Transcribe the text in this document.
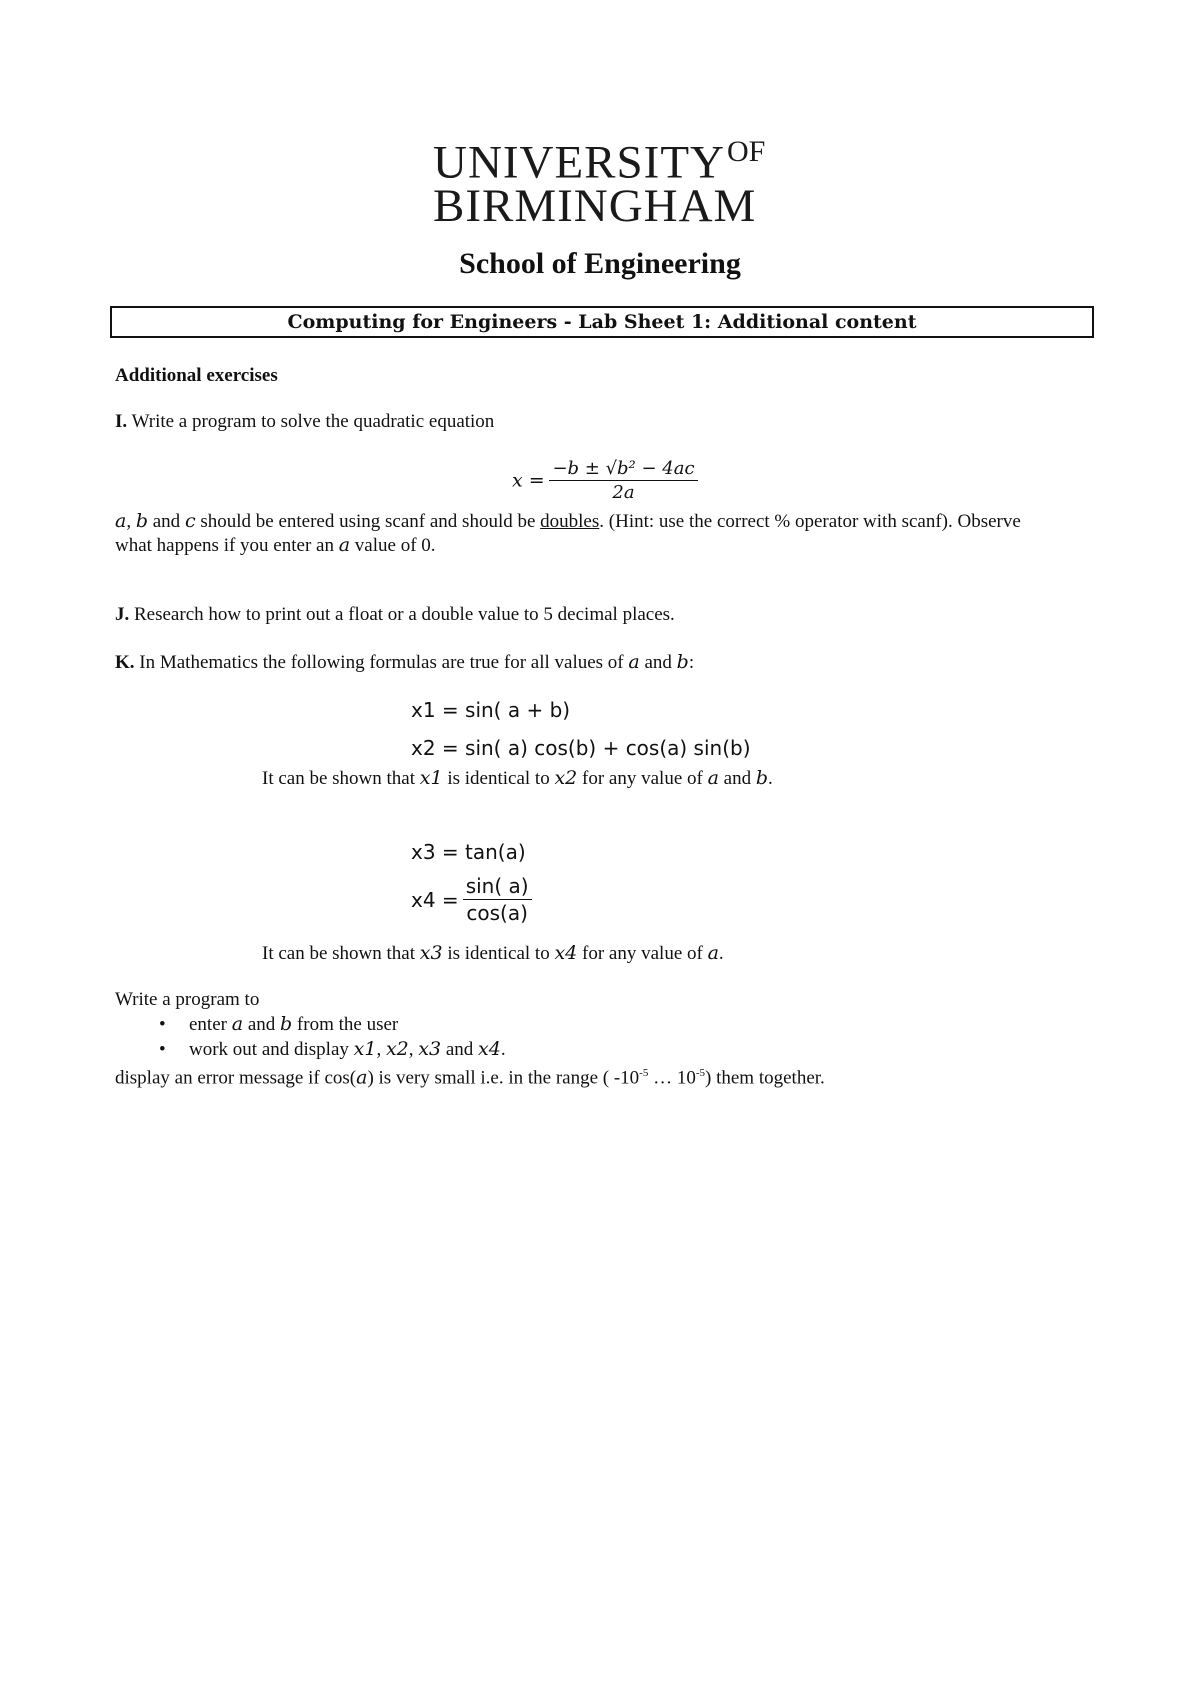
$UNIVERSITY^{OF}$
BIRMINGHAM
School of Engineering
Computing for Engineers - Lab Sheet 1: Additional content
Additional exercises
I. Write a program to solve the quadratic equation
$x = \frac{\text{−b ± √b² − 4ac}}{2a}$
a, b and c should be entered using scanf and should be doubles. (Hint: use the correct % operator with scanf). Observe
what happens if you enter an a value of 0.
J. Research how to print out a float or a double value to 5 decimal places.
K. In Mathematics the following formulas are true for all values of a and b:
x1 = sin( a + b)
x2 = sin( a) cos(b) + cos(a) sin(b)
It can be shown that x1 is identical to x2 for any value of a and b.
x3 = tan(a)
$x4 = \frac{\sin( a)}{\cos(a)}$
It can be shown that x3 is identical to x4 for any value of a.
Write a program to
• enter a and b from the user
• work out and display x1, x2, x3 and x4.
display an error message if cos(a) is very small i.e. in the range ( $-10^{-5}$ … $10^{-5}$) them together.
